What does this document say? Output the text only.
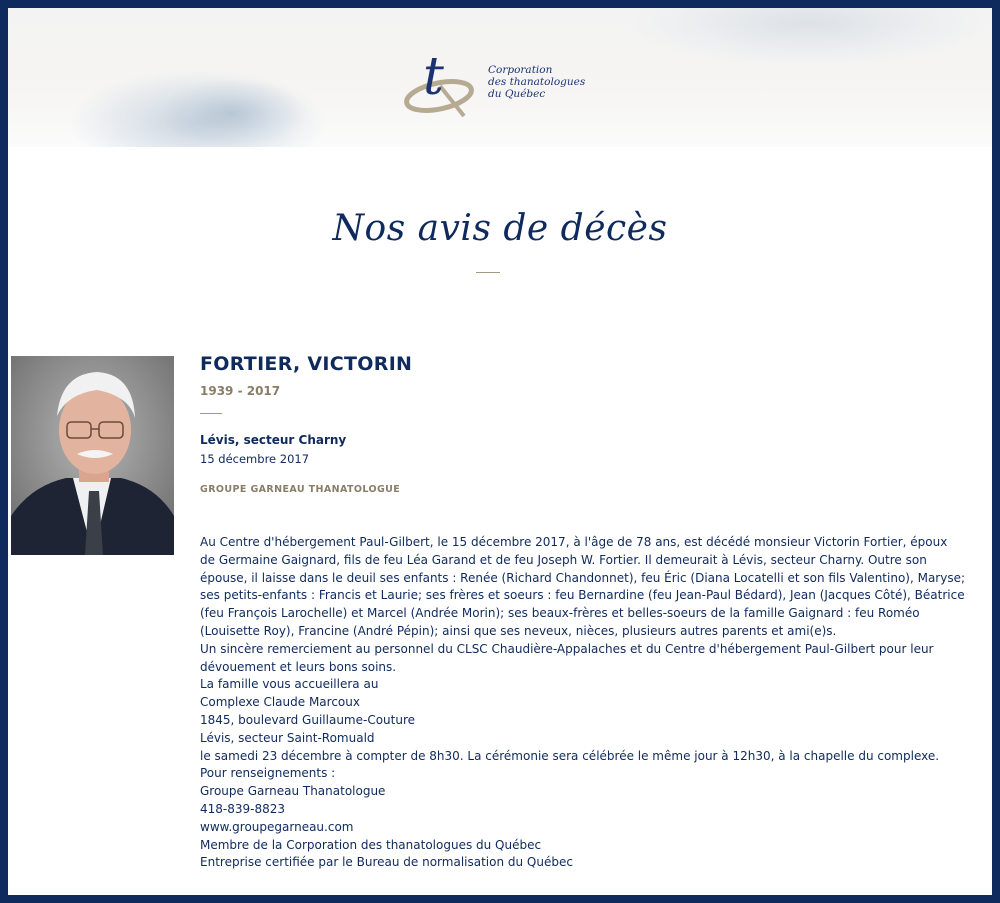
t	Corporation
des thanatologues
du Québec
Nos avis de décès
FORTIER, VICTORIN
1939 - 2017
Lévis, secteur Charny
15 décembre 2017
GROUPE GARNEAU THANATOLOGUE

Au Centre d'hébergement Paul-Gilbert, le 15 décembre 2017, à l'âge de 78 ans, est décédé monsieur Victorin Fortier, époux de Germaine Gaignard, fils de feu Léa Garand et de feu Joseph W. Fortier. Il demeurait à Lévis, secteur Charny. Outre son épouse, il laisse dans le deuil ses enfants : Renée (Richard Chandonnet), feu Éric (Diana Locatelli et son fils Valentino), Maryse; ses petits-enfants : Francis et Laurie; ses frères et soeurs : feu Bernardine (feu Jean-Paul Bédard), Jean (Jacques Côté), Béatrice (feu François Larochelle) et Marcel (Andrée Morin); ses beaux-frères et belles-soeurs de la famille Gaignard : feu Roméo (Louisette Roy), Francine (André Pépin); ainsi que ses neveux, nièces, plusieurs autres parents et ami(e)s.

Un sincère remerciement au personnel du CLSC Chaudière-Appalaches et du Centre d'hébergement Paul-Gilbert pour leur dévouement et leurs bons soins.

La famille vous accueillera au
Complexe Claude Marcoux
1845, boulevard Guillaume-Couture
Lévis, secteur Saint-Romuald
le samedi 23 décembre à compter de 8h30. La cérémonie sera célébrée le même jour à 12h30, à la chapelle du complexe. Pour renseignements :
Groupe Garneau Thanatologue
418-839-8823
www.groupegarneau.com
Membre de la Corporation des thanatologues du Québec
Entreprise certifiée par le Bureau de normalisation du Québec
